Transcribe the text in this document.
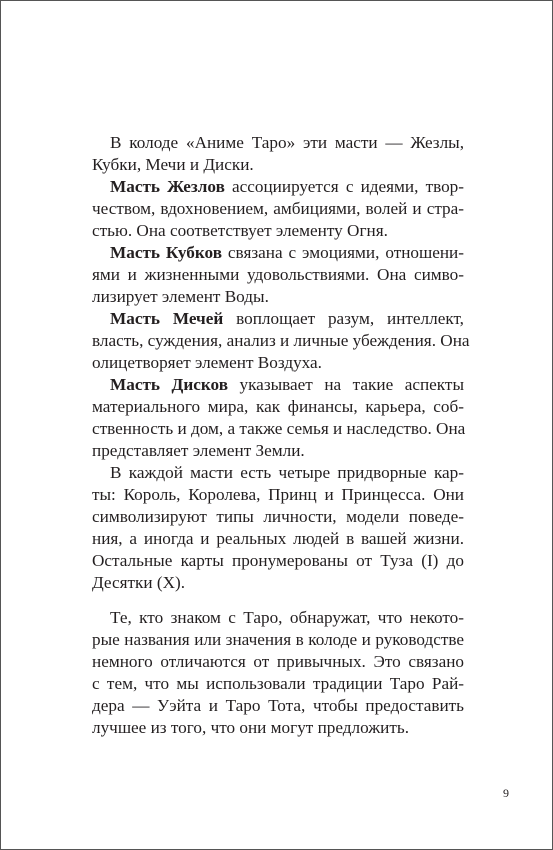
В колоде «Аниме Таро» эти масти — Жезлы,
Кубки, Мечи и Диски.
Масть Жезлов ассоциируется с идеями, твор-
чеством, вдохновением, амбициями, волей и стра-
стью. Она соответствует элементу Огня.
Масть Кубков связана с эмоциями, отношени-
ями и жизненными удовольствиями. Она симво-
лизирует элемент Воды.
Масть Мечей воплощает разум, интеллект,
власть, суждения, анализ и личные убеждения. Она
олицетворяет элемент Воздуха.
Масть Дисков указывает на такие аспекты
материального мира, как финансы, карьера, соб-
ственность и дом, а также семья и наследство. Она
представляет элемент Земли.
В каждой масти есть четыре придворные кар-
ты: Король, Королева, Принц и Принцесса. Они
символизируют типы личности, модели поведе-
ния, а иногда и реальных людей в вашей жизни.
Остальные карты пронумерованы от Туза (I) до
Десятки (X).
Те, кто знаком с Таро, обнаружат, что некото-
рые названия или значения в колоде и руководстве
немного отличаются от привычных. Это связано
с тем, что мы использовали традиции Таро Рай-
дера — Уэйта и Таро Тота, чтобы предоставить
лучшее из того, что они могут предложить.
9
